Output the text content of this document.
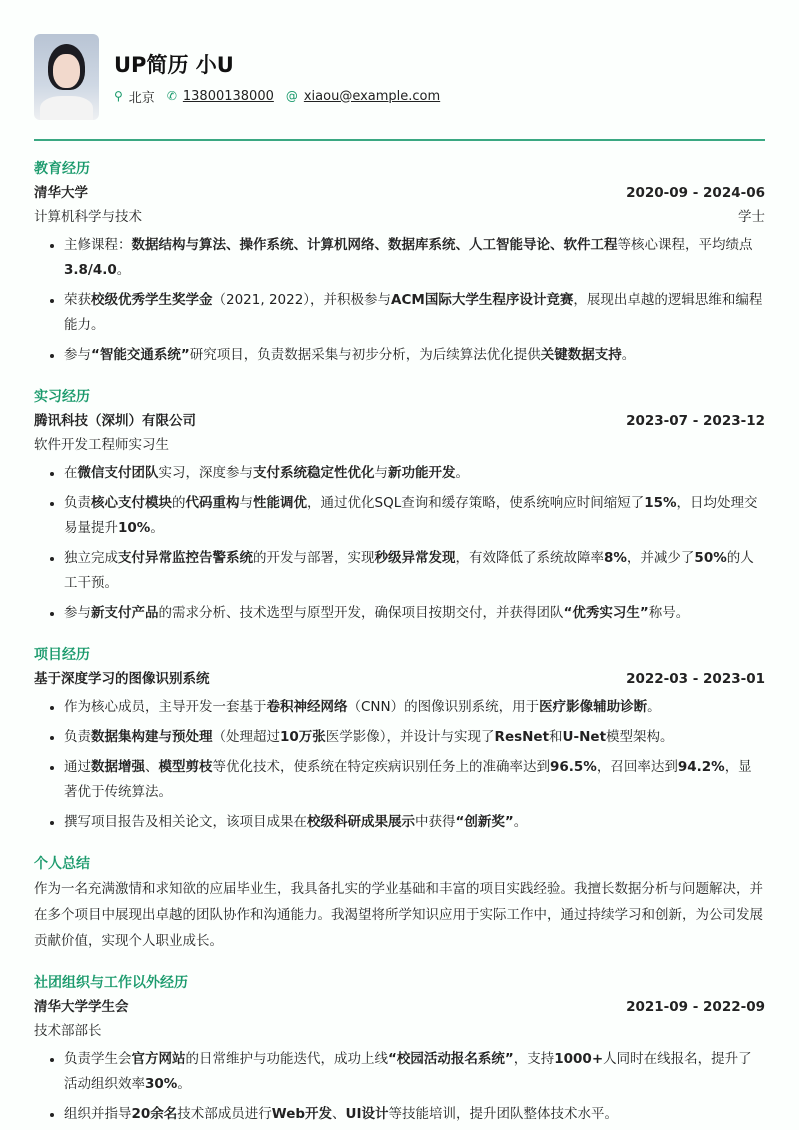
UP简历 小U
⚲ 北京 ✆ 13800138000 @ xiaou@example.com
教育经历
清华大学	2020-09 - 2024-06
计算机科学与技术	学士
• 主修课程：数据结构与算法、操作系统、计算机网络、数据库系统、人工智能导论、软件工程等核心课程，平均绩点3.8/4.0。
• 荣获校级优秀学生奖学金（2021, 2022），并积极参与ACM国际大学生程序设计竞赛，展现出卓越的逻辑思维和编程能力。
• 参与“智能交通系统”研究项目，负责数据采集与初步分析，为后续算法优化提供关键数据支持。
实习经历
腾讯科技（深圳）有限公司	2023-07 - 2023-12
软件开发工程师实习生
• 在微信支付团队实习，深度参与支付系统稳定性优化与新功能开发。
• 负责核心支付模块的代码重构与性能调优，通过优化SQL查询和缓存策略，使系统响应时间缩短了15%，日均处理交易量提升10%。
• 独立完成支付异常监控告警系统的开发与部署，实现秒级异常发现，有效降低了系统故障率8%，并减少了50%的人工干预。
• 参与新支付产品的需求分析、技术选型与原型开发，确保项目按期交付，并获得团队“优秀实习生”称号。
项目经历
基于深度学习的图像识别系统	2022-03 - 2023-01
• 作为核心成员，主导开发一套基于卷积神经网络（CNN）的图像识别系统，用于医疗影像辅助诊断。
• 负责数据集构建与预处理（处理超过10万张医学影像），并设计与实现了ResNet和U-Net模型架构。
• 通过数据增强、模型剪枝等优化技术，使系统在特定疾病识别任务上的准确率达到96.5%，召回率达到94.2%，显著优于传统算法。
• 撰写项目报告及相关论文，该项目成果在校级科研成果展示中获得“创新奖”。
个人总结
作为一名充满激情和求知欲的应届毕业生，我具备扎实的学业基础和丰富的项目实践经验。我擅长数据分析与问题解决，并在多个项目中展现出卓越的团队协作和沟通能力。我渴望将所学知识应用于实际工作中，通过持续学习和创新，为公司发展贡献价值，实现个人职业成长。
社团组织与工作以外经历
清华大学学生会	2021-09 - 2022-09
技术部部长
• 负责学生会官方网站的日常维护与功能迭代，成功上线“校园活动报名系统”，支持1000+人同时在线报名，提升了活动组织效率30%。
• 组织并指导20余名技术部成员进行Web开发、UI设计等技能培训，提升团队整体技术水平。
